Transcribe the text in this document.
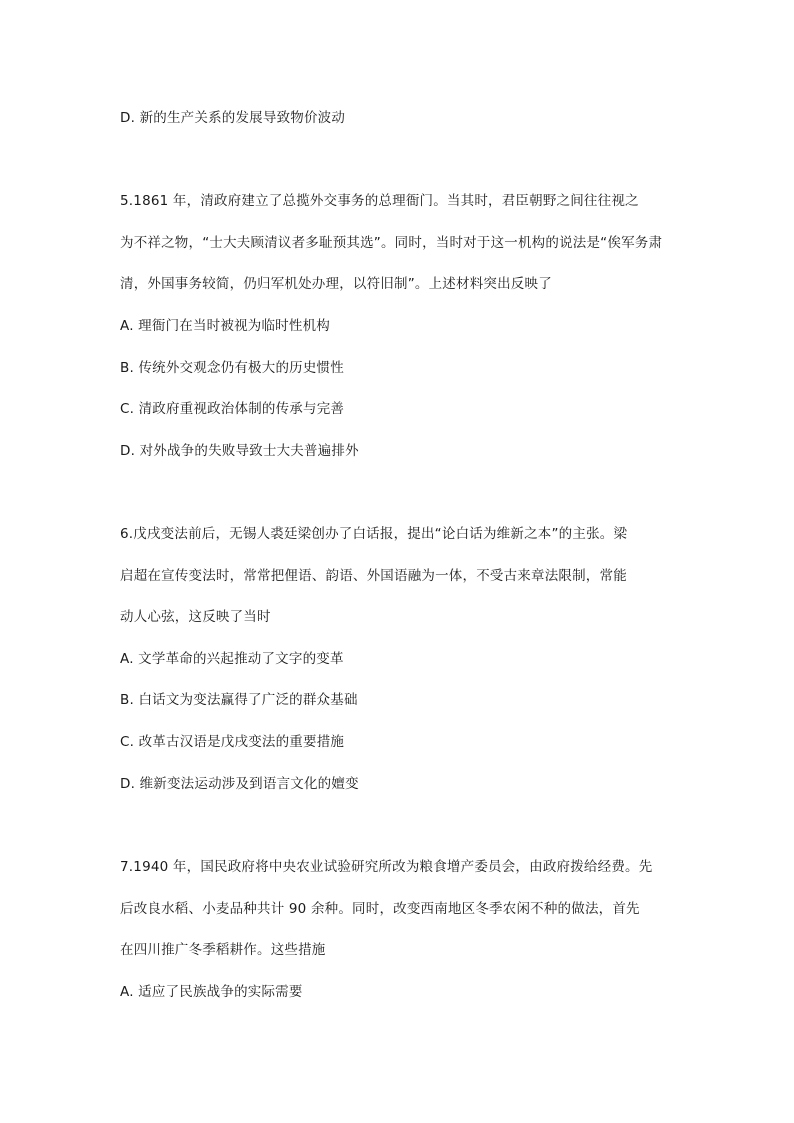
D. 新的生产关系的发展导致物价波动
5.1861 年，清政府建立了总揽外交事务的总理衙门。当其时，君臣朝野之间往往视之
为不祥之物，“士大夫顾清议者多耻预其选”。同时，当时对于这一机构的说法是“俟军务肃
清，外国事务较简，仍归军机处办理，以符旧制”。上述材料突出反映了
A. 理衙门在当时被视为临时性机构
B. 传统外交观念仍有极大的历史惯性
C. 清政府重视政治体制的传承与完善
D. 对外战争的失败导致士大夫普遍排外
6.戊戌变法前后，无锡人裘廷梁创办了白话报，提出“论白话为维新之本”的主张。梁
启超在宣传变法时，常常把俚语、韵语、外国语融为一体，不受古来章法限制，常能
动人心弦，这反映了当时
A. 文学革命的兴起推动了文字的变革
B. 白话文为变法赢得了广泛的群众基础
C. 改革古汉语是戊戌变法的重要措施
D. 维新变法运动涉及到语言文化的嬗变
7.1940 年，国民政府将中央农业试验研究所改为粮食增产委员会，由政府拨给经费。先
后改良水稻、小麦品种共计 90 余种。同时，改变西南地区冬季农闲不种的做法，首先
在四川推广冬季稻耕作。这些措施
A. 适应了民族战争的实际需要
